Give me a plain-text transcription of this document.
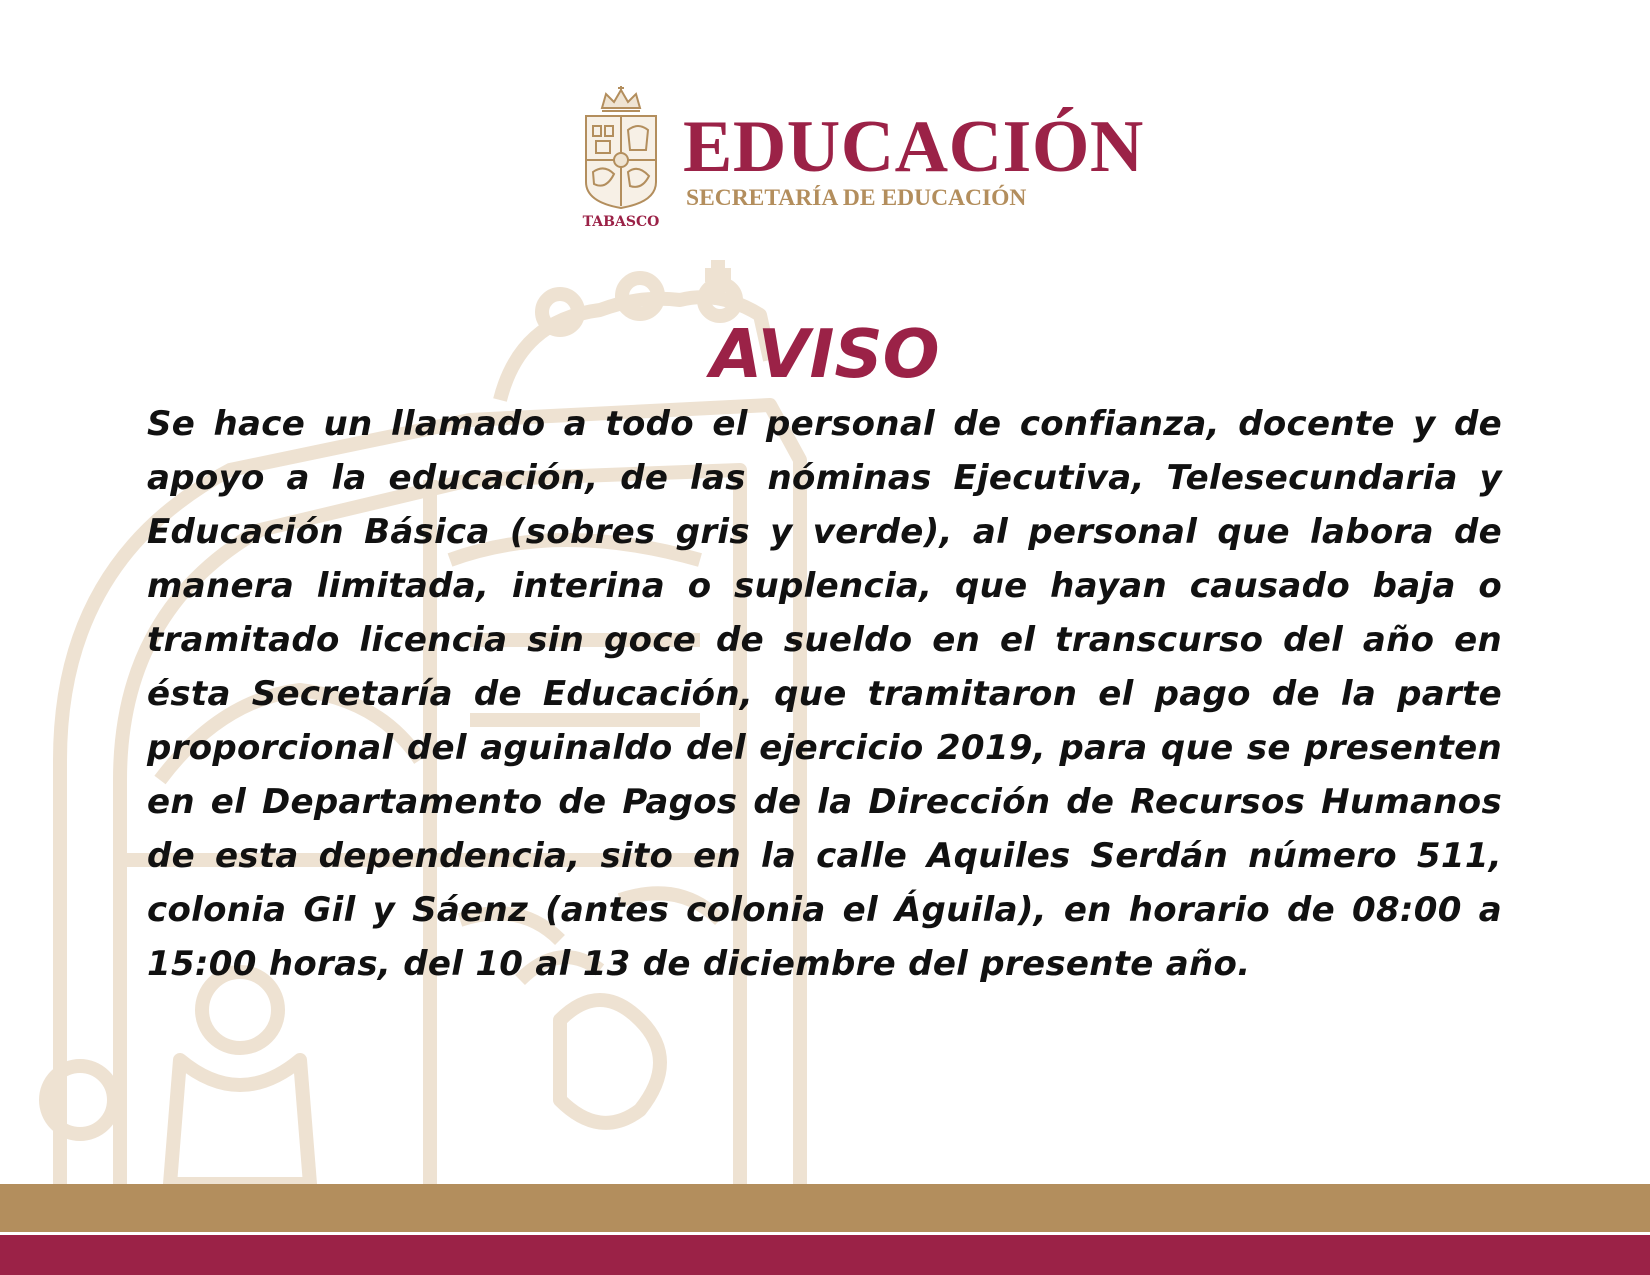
TABASCO
EDUCACIÓN
SECRETARÍA DE EDUCACIÓN
AVISO

Se hace un llamado a todo el personal de confianza, docente y de apoyo a la educación, de las nóminas Ejecutiva, Telesecundaria y Educación Básica (sobres gris y verde), al personal que labora de manera limitada, interina o suplencia, que hayan causado baja o tramitado licencia sin goce de sueldo en el transcurso del año en ésta Secretaría de Educación, que tramitaron el pago de la parte proporcional del aguinaldo del ejercicio 2019, para que se presenten en el Departamento de Pagos de la Dirección de Recursos Humanos de esta dependencia, sito en la calle Aquiles Serdán número 511, colonia Gil y Sáenz (antes colonia el Águila), en horario de 08:00 a 15:00 horas, del 10 al 13 de diciembre del presente año.
